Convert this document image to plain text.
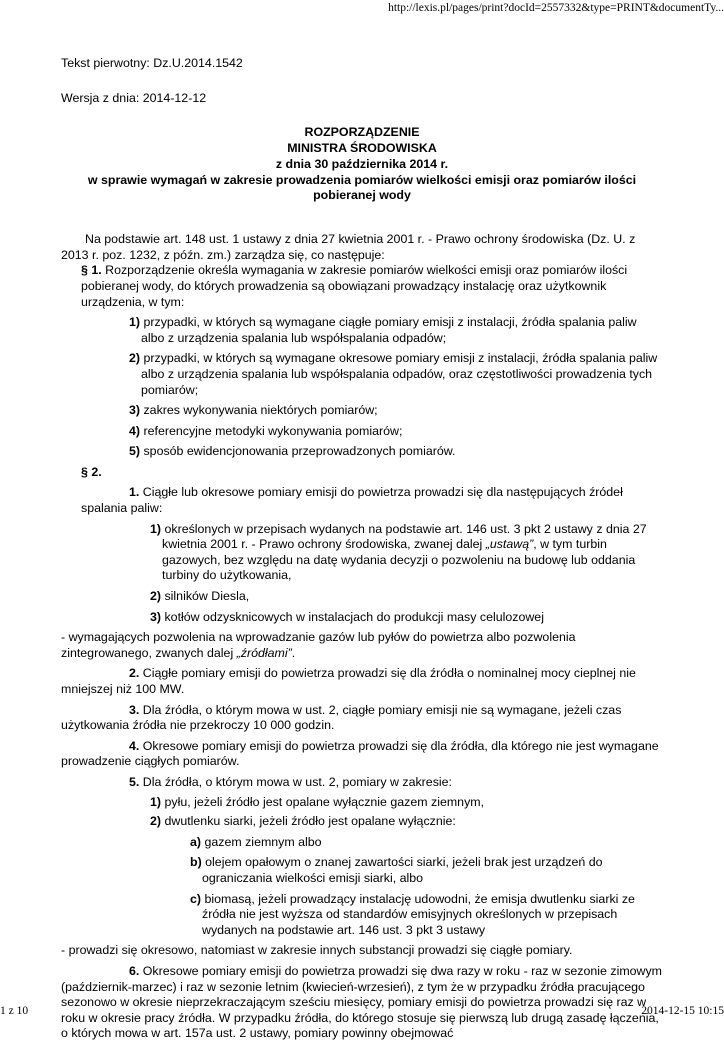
http://lexis.pl/pages/print?docId=2557332&type=PRINT&documentTy...
Tekst pierwotny: Dz.U.2014.1542
Wersja z dnia: 2014-12-12
ROZPORZĄDZENIE
MINISTRA ŚRODOWISKA
z dnia 30 października 2014 r.
w sprawie wymagań w zakresie prowadzenia pomiarów wielkości emisji oraz pomiarów ilości pobieranej wody
Na podstawie art. 148 ust. 1 ustawy z dnia 27 kwietnia 2001 r. - Prawo ochrony środowiska (Dz. U. z 2013 r. poz. 1232, z późn. zm.) zarządza się, co następuje:
§ 1. Rozporządzenie określa wymagania w zakresie pomiarów wielkości emisji oraz pomiarów ilości pobieranej wody, do których prowadzenia są obowiązani prowadzący instalację oraz użytkownik urządzenia, w tym:
1) przypadki, w których są wymagane ciągłe pomiary emisji z instalacji, źródła spalania paliw albo z urządzenia spalania lub współspalania odpadów;
2) przypadki, w których są wymagane okresowe pomiary emisji z instalacji, źródła spalania paliw albo z urządzenia spalania lub współspalania odpadów, oraz częstotliwości prowadzenia tych pomiarów;
3) zakres wykonywania niektórych pomiarów;
4) referencyjne metodyki wykonywania pomiarów;
5) sposób ewidencjonowania przeprowadzonych pomiarów.
§ 2.
1. Ciągłe lub okresowe pomiary emisji do powietrza prowadzi się dla następujących źródeł spalania paliw:
1) określonych w przepisach wydanych na podstawie art. 146 ust. 3 pkt 2 ustawy z dnia 27 kwietnia 2001 r. - Prawo ochrony środowiska, zwanej dalej „ustawą”, w tym turbin gazowych, bez względu na datę wydania decyzji o pozwoleniu na budowę lub oddania turbiny do użytkowania,
2) silników Diesla,
3) kotłów odzysknicowych w instalacjach do produkcji masy celulozowej
- wymagających pozwolenia na wprowadzanie gazów lub pyłów do powietrza albo pozwolenia zintegrowanego, zwanych dalej „źródłami”.
2. Ciągłe pomiary emisji do powietrza prowadzi się dla źródła o nominalnej mocy cieplnej nie mniejszej niż 100 MW.
3. Dla źródła, o którym mowa w ust. 2, ciągłe pomiary emisji nie są wymagane, jeżeli czas użytkowania źródła nie przekroczy 10 000 godzin.
4. Okresowe pomiary emisji do powietrza prowadzi się dla źródła, dla którego nie jest wymagane prowadzenie ciągłych pomiarów.
5. Dla źródła, o którym mowa w ust. 2, pomiary w zakresie:
1) pyłu, jeżeli źródło jest opalane wyłącznie gazem ziemnym,
2) dwutlenku siarki, jeżeli źródło jest opalane wyłącznie:
a) gazem ziemnym albo
b) olejem opałowym o znanej zawartości siarki, jeżeli brak jest urządzeń do ograniczania wielkości emisji siarki, albo
c) biomasą, jeżeli prowadzący instalację udowodni, że emisja dwutlenku siarki ze źródła nie jest wyższa od standardów emisyjnych określonych w przepisach wydanych na podstawie art. 146 ust. 3 pkt 3 ustawy
- prowadzi się okresowo, natomiast w zakresie innych substancji prowadzi się ciągłe pomiary.
6. Okresowe pomiary emisji do powietrza prowadzi się dwa razy w roku - raz w sezonie zimowym (październik-marzec) i raz w sezonie letnim (kwiecień-wrzesień), z tym że w przypadku źródła pracującego sezonowo w okresie nieprzekraczającym sześciu miesięcy, pomiary emisji do powietrza prowadzi się raz w roku w okresie pracy źródła. W przypadku źródła, do którego stosuje się pierwszą lub drugą zasadę łączenia, o których mowa w art. 157a ust. 2 ustawy, pomiary powinny obejmować
1 z 10	2014-12-15 10:15
